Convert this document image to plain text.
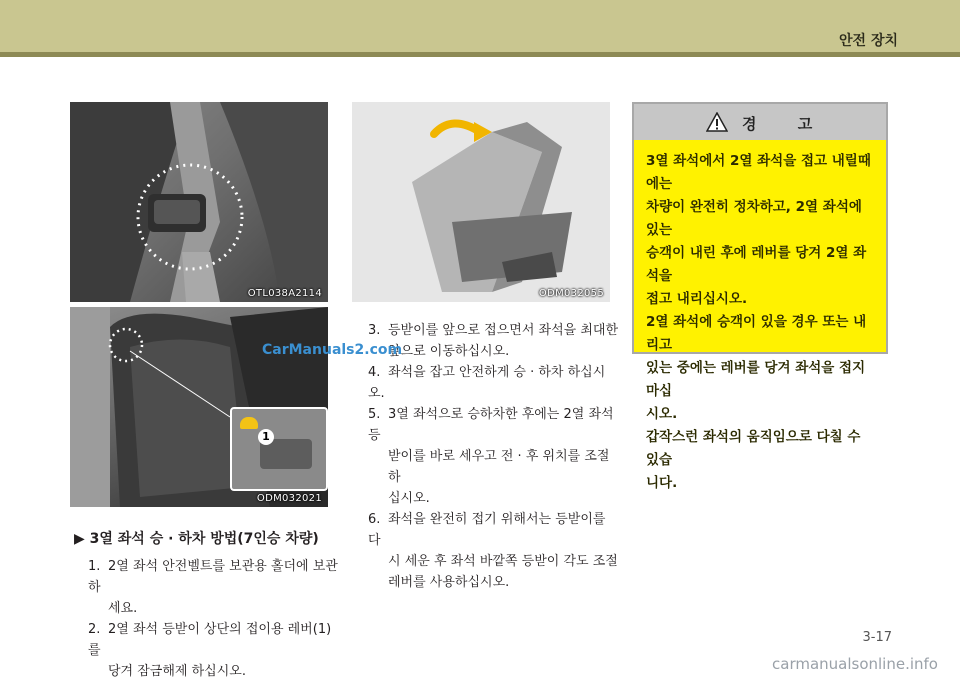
안전 장치
OTL038A2114
1
ODM032021
ODM032055
▶ 3열 좌석 승 · 하차 방법(7인승 차량)
1. 2열 좌석 안전벨트를 보관용 홀더에 보관하
세요.
2. 2열 좌석 등받이 상단의 접이용 레버(1)를
당겨 잠금해제 하십시오.
3. 등받이를 앞으로 접으면서 좌석을 최대한
앞으로 이동하십시오.
4. 좌석을 잡고 안전하게 승 · 하차 하십시오.
5. 3열 좌석으로 승하차한 후에는 2열 좌석 등
받이를 바로 세우고 전 · 후 위치를 조절하
십시오.
6. 좌석을 완전히 접기 위해서는 등받이를 다
시 세운 후 좌석 바깥쪽 등받이 각도 조절
레버를 사용하십시오.
경 고
3열 좌석에서 2열 좌석을 접고 내릴때에는
차량이 완전히 정차하고, 2열 좌석에 있는
승객이 내린 후에 레버를 당겨 2열 좌석을
접고 내리십시오.
2열 좌석에 승객이 있을 경우 또는 내리고
있는 중에는 레버를 당겨 좌석을 접지 마십
시오.
갑작스런 좌석의 움직임으로 다칠 수 있습
니다.
3-17
CarManuals2.com
carmanualsonline.info
